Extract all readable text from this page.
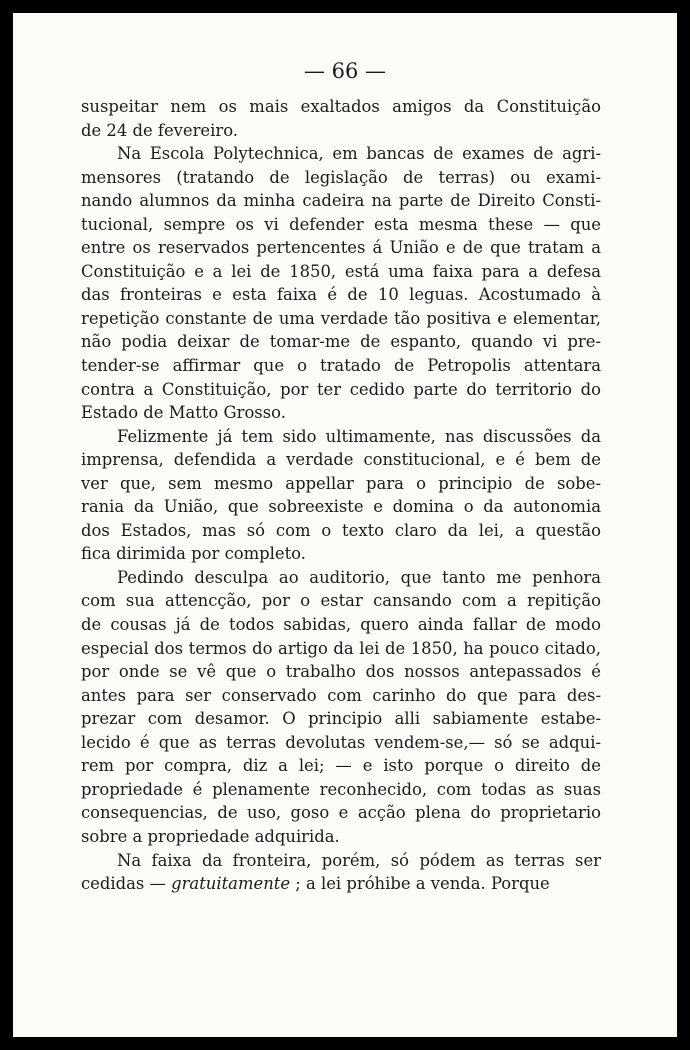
— 66 —
suspeitar nem os mais exaltados amigos da Constituição
de 24 de fevereiro.
Na Escola Polytechnica, em bancas de exames de agri-
mensores (tratando de legislação de terras) ou exami-
nando alumnos da minha cadeira na parte de Direito Consti-
tucional, sempre os vi defender esta mesma these — que
entre os reservados pertencentes á União e de que tratam a
Constituição e a lei de 1850, está uma faixa para a defesa
das fronteiras e esta faixa é de 10 leguas. Acostumado à
repetição constante de uma verdade tão positiva e elementar,
não podia deixar de tomar-me de espanto, quando vi pre-
tender-se affirmar que o tratado de Petropolis attentara
contra a Constituição, por ter cedido parte do territorio do
Estado de Matto Grosso.
Felizmente já tem sido ultimamente, nas discussões da
imprensa, defendida a verdade constitucional, e é bem de
ver que, sem mesmo appellar para o principio de sobe-
rania da União, que sobreexiste e domina o da autonomia
dos Estados, mas só com o texto claro da lei, a questão
fica dirimida por completo.
Pedindo desculpa ao auditorio, que tanto me penhora
com sua attencção, por o estar cansando com a repitição
de cousas já de todos sabidas, quero ainda fallar de modo
especial dos termos do artigo da lei de 1850, ha pouco citado,
por onde se vê que o trabalho dos nossos antepassados é
antes para ser conservado com carinho do que para des-
prezar com desamor. O principio alli sabiamente estabe-
lecido é que as terras devolutas vendem-se,— só se adqui-
rem por compra, diz a lei; — e isto porque o direito de
propriedade é plenamente reconhecido, com todas as suas
consequencias, de uso, goso e acção plena do proprietario
sobre a propriedade adquirida.
Na faixa da fronteira, porém, só pódem as terras ser
cedidas — gratuitamente ; a lei próhibe a venda. Porque
